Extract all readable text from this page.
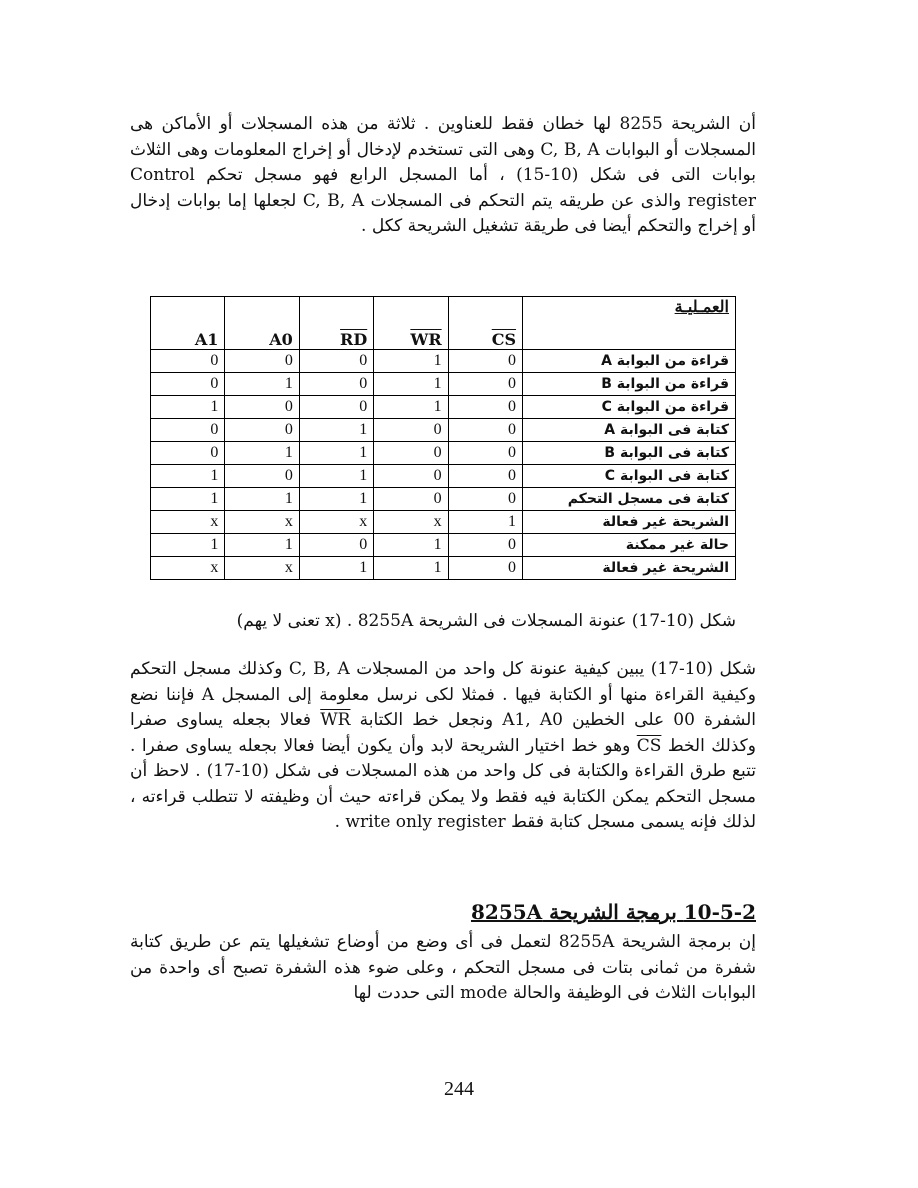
أن الشريحة 8255 لها خطان فقط للعناوين . ثلاثة من هذه المسجلات أو الأماكن هى المسجلات أو البوابات C, B, A وهى التى تستخدم لإدخال أو إخراج المعلومات وهى الثلاث بوابات التى فى شكل (10-15) ، أما المسجل الرابع فهو مسجل تحكم Control register والذى عن طريقه يتم التحكم فى المسجلات C, B, A لجعلها إما بوابات إدخال أو إخراج والتحكم أيضا فى طريقة تشغيل الشريحة ككل .

A1	A0	$\overline{RD}$	$\overline{WR}$	$\overline{CS}$	العمـليـة
0	0	0	1	0	قراءة من البوابة A
0	1	0	1	0	قراءة من البوابة B
1	0	0	1	0	قراءة من البوابة C
0	0	1	0	0	كتابة فى البوابة A
0	1	1	0	0	كتابة فى البوابة B
1	0	1	0	0	كتابة فى البوابة C
1	1	1	0	0	كتابة فى مسجل التحكم
x	x	x	x	1	الشريحة غير فعالة
1	1	0	1	0	حالة غير ممكنة
x	x	1	1	0	الشريحة غير فعالة
شكل (10-17) عنونة المسجلات فى الشريحة 8255A . (x تعنى لا يهم)

شكل (10-17) يبين كيفية عنونة كل واحد من المسجلات C, B, A وكذلك مسجل التحكم وكيفية القراءة منها أو الكتابة فيها . فمثلا لكى نرسل معلومة إلى المسجل A فإننا نضع الشفرة 00 على الخطين A1, A0 ونجعل خط الكتابة WR فعالا بجعله يساوى صفرا وكذلك الخط CS وهو خط اختيار الشريحة لابد وأن يكون أيضا فعالا بجعله يساوى صفرا . تتبع طرق القراءة والكتابة فى كل واحد من هذه المسجلات فى شكل (10-17) . لاحظ أن مسجل التحكم يمكن الكتابة فيه فقط ولا يمكن قراءته حيث أن وظيفته لا تتطلب قراءته ، لذلك فإنه يسمى مسجل كتابة فقط write only register .

10-5-2 برمجة الشريحة 8255A

إن برمجة الشريحة 8255A لتعمل فى أى وضع من أوضاع تشغيلها يتم عن طريق كتابة شفرة من ثمانى بتات فى مسجل التحكم ، وعلى ضوء هذه الشفرة تصبح أى واحدة من البوابات الثلاث فى الوظيفة والحالة mode التى حددت لها

244
